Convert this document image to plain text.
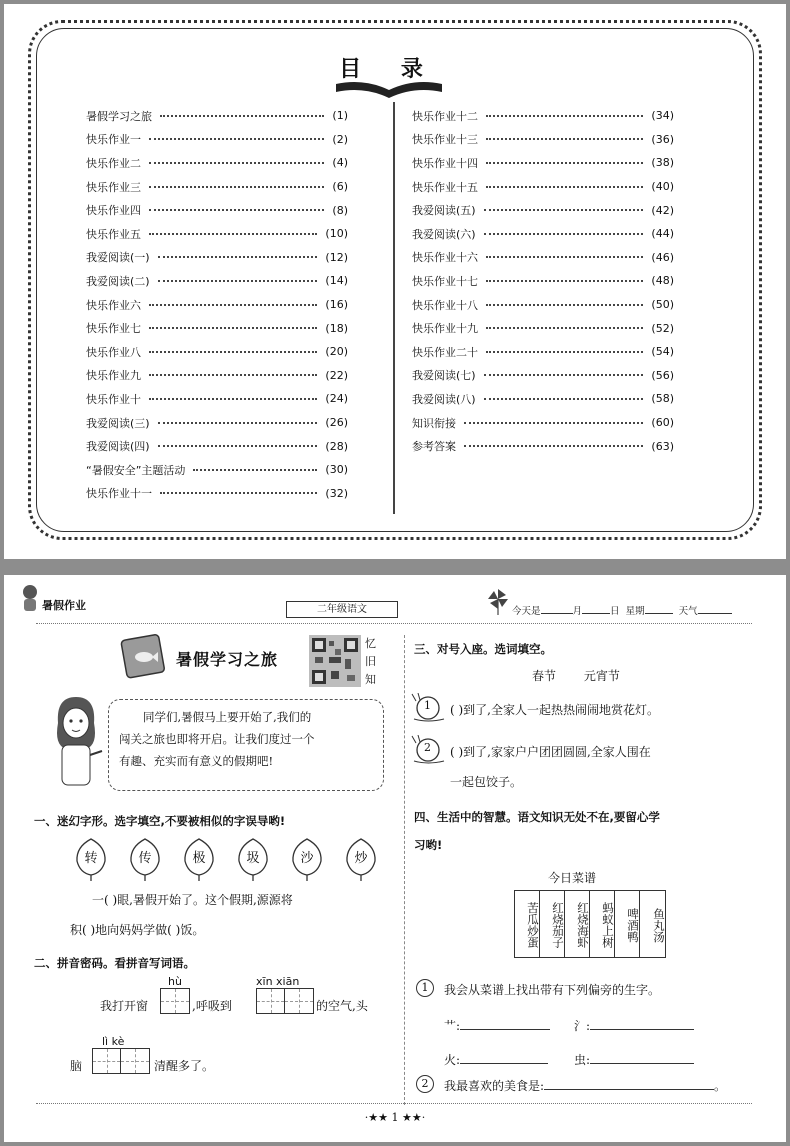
目 录
暑假学习之旅	(1)
快乐作业一	(2)
快乐作业二	(4)
快乐作业三	(6)
快乐作业四	(8)
快乐作业五	(10)
我爱阅读(一)	(12)
我爱阅读(二)	(14)
快乐作业六	(16)
快乐作业七	(18)
快乐作业八	(20)
快乐作业九	(22)
快乐作业十	(24)
我爱阅读(三)	(26)
我爱阅读(四)	(28)
“暑假安全”主题活动	(30)
快乐作业十一	(32)
快乐作业十二	(34)
快乐作业十三	(36)
快乐作业十四	(38)
快乐作业十五	(40)
我爱阅读(五)	(42)
我爱阅读(六)	(44)
快乐作业十六	(46)
快乐作业十七	(48)
快乐作业十八	(50)
快乐作业十九	(52)
快乐作业二十	(54)
我爱阅读(七)	(56)
我爱阅读(八)	(58)
知识衔接	(60)
参考答案	(63)
暑假作业	二年级语文	今天是	月	日 星期	天气
暑假学习之旅
忆旧知
同学们,暑假马上要开始了,我们的
闯关之旅也即将开启。让我们度过一个
有趣、充实而有意义的假期吧!
一、迷幻字形。选字填空,不要被相似的字误导哟!
转	传	极	圾	沙	炒
一( )眼,暑假开始了。这个假期,源源将
积( )地向妈妈学做( )饭。
二、拼音密码。看拼音写词语。
hù	xīn xiān
我打开窗	,呼吸到	的空气,头
lì kè
脑	清醒多了。
三、对号入座。选词填空。
春节 元宵节
1 ( )到了,全家人一起热热闹闹地赏花灯。
2 ( )到了,家家户户团团圆圆,全家人围在
一起包饺子。
四、生活中的智慧。语文知识无处不在,要留心学
习哟!
今日菜谱
苦瓜炒蛋 红烧茄子 红烧海虾 蚂蚁上树 啤酒鸭	鱼丸汤
1	我会从菜谱上找出带有下列偏旁的生字。
艹:	氵:
火:	虫:
2	我最喜欢的美食是:	。
·★★ 1 ★★·
